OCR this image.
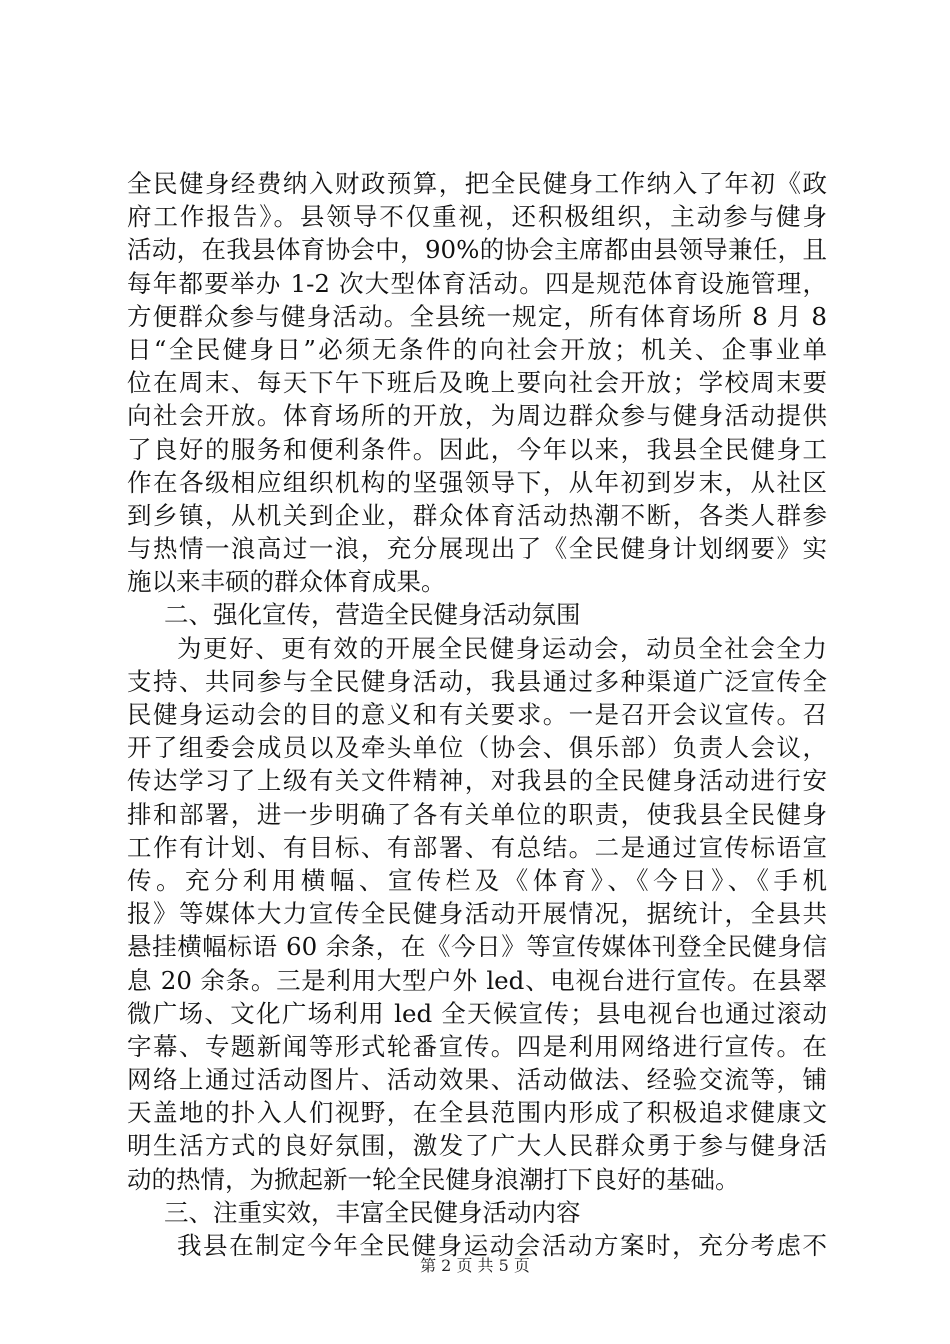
全民健身经费纳入财政预算，把全民健身工作纳入了年初《政
府工作报告》。县领导不仅重视，还积极组织，主动参与健身
活动，在我县体育协会中，90%的协会主席都由县领导兼任，且
每年都要举办 1-2 次大型体育活动。四是规范体育设施管理，
方便群众参与健身活动。全县统一规定，所有体育场所 8 月 8
日“全民健身日”必须无条件的向社会开放；机关、企事业单
位在周末、每天下午下班后及晚上要向社会开放；学校周末要
向社会开放。体育场所的开放，为周边群众参与健身活动提供
了良好的服务和便利条件。因此，今年以来，我县全民健身工
作在各级相应组织机构的坚强领导下，从年初到岁末，从社区
到乡镇，从机关到企业，群众体育活动热潮不断，各类人群参
与热情一浪高过一浪，充分展现出了《全民健身计划纲要》实
施以来丰硕的群众体育成果。
二、强化宣传，营造全民健身活动氛围
为更好、更有效的开展全民健身运动会，动员全社会全力
支持、共同参与全民健身活动，我县通过多种渠道广泛宣传全
民健身运动会的目的意义和有关要求。一是召开会议宣传。召
开了组委会成员以及牵头单位（协会、俱乐部）负责人会议，
传达学习了上级有关文件精神，对我县的全民健身活动进行安
排和部署，进一步明确了各有关单位的职责，使我县全民健身
工作有计划、有目标、有部署、有总结。二是通过宣传标语宣
传。充分利用横幅、宣传栏及《体育》、《今日》、《手机
报》等媒体大力宣传全民健身活动开展情况，据统计，全县共
悬挂横幅标语 60 余条，在《今日》等宣传媒体刊登全民健身信
息 20 余条。三是利用大型户外 led、电视台进行宣传。在县翠
微广场、文化广场利用 led 全天候宣传；县电视台也通过滚动
字幕、专题新闻等形式轮番宣传。四是利用网络进行宣传。在
网络上通过活动图片、活动效果、活动做法、经验交流等，铺
天盖地的扑入人们视野，在全县范围内形成了积极追求健康文
明生活方式的良好氛围，激发了广大人民群众勇于参与健身活
动的热情，为掀起新一轮全民健身浪潮打下良好的基础。
三、注重实效，丰富全民健身活动内容
我县在制定今年全民健身运动会活动方案时，充分考虑不
第 2 页 共 5 页
